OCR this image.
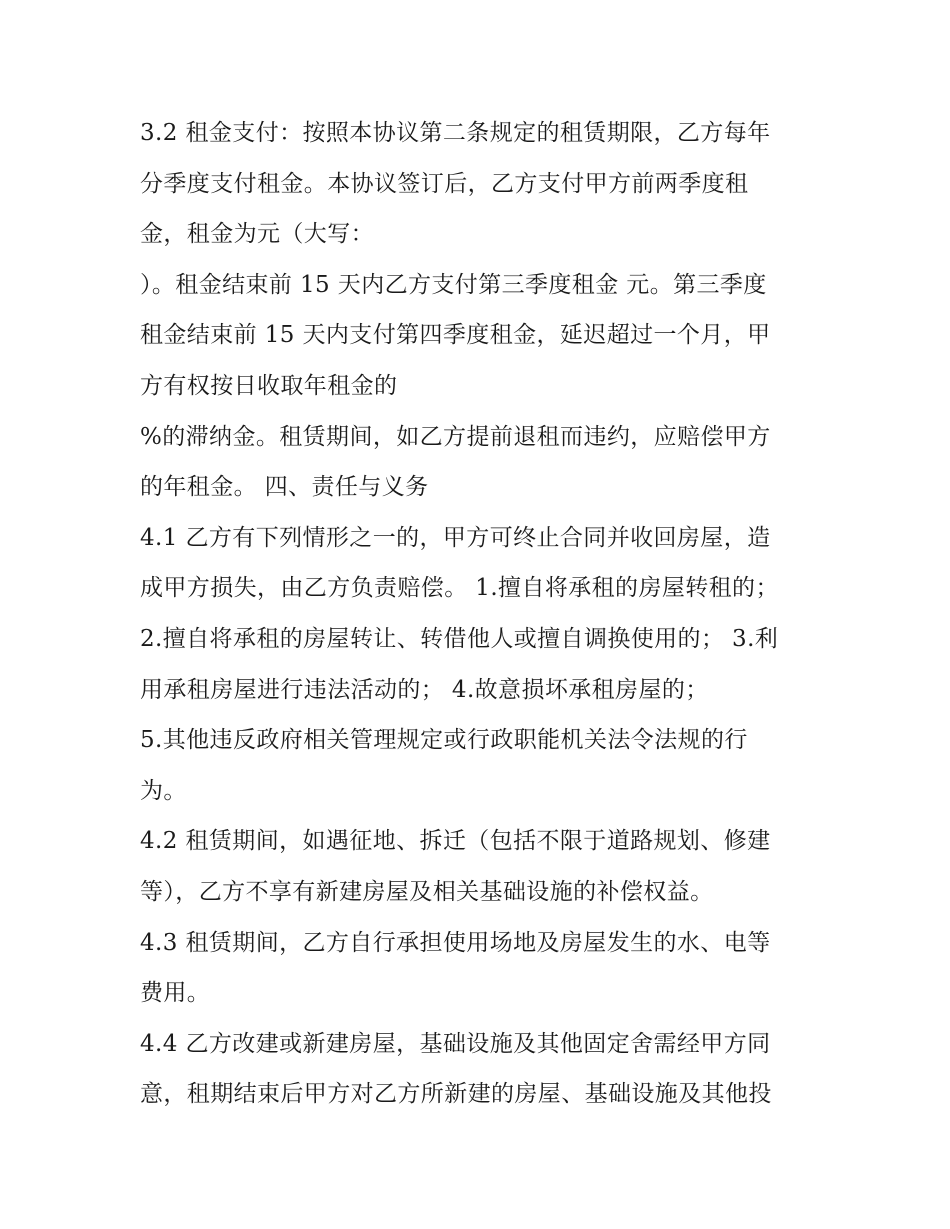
3.2 租金支付：按照本协议第二条规定的租赁期限，乙方每年
分季度支付租金。本协议签订后，乙方支付甲方前两季度租
金，租金为元（大写：
）。租金结束前 15 天内乙方支付第三季度租金 元。第三季度
租金结束前 15 天内支付第四季度租金，延迟超过一个月，甲
方有权按日收取年租金的
%的滞纳金。租赁期间，如乙方提前退租而违约，应赔偿甲方
的年租金。 四、责任与义务
4.1 乙方有下列情形之一的，甲方可终止合同并收回房屋，造
成甲方损失，由乙方负责赔偿。 1.擅自将承租的房屋转租的；
2.擅自将承租的房屋转让、转借他人或擅自调换使用的； 3.利
用承租房屋进行违法活动的； 4.故意损坏承租房屋的；
5.其他违反政府相关管理规定或行政职能机关法令法规的行
为。
4.2 租赁期间，如遇征地、拆迁（包括不限于道路规划、修建
等），乙方不享有新建房屋及相关基础设施的补偿权益。
4.3 租赁期间，乙方自行承担使用场地及房屋发生的水、电等
费用。
4.4 乙方改建或新建房屋，基础设施及其他固定舍需经甲方同
意，租期结束后甲方对乙方所新建的房屋、基础设施及其他投
